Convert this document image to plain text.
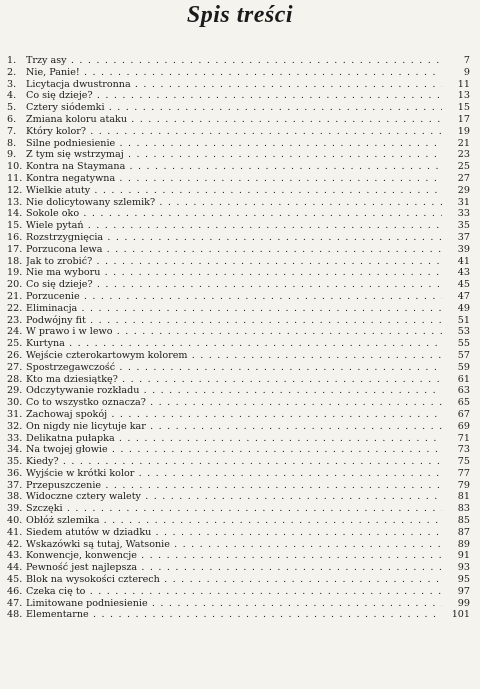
Spis treści
1.	Trzy asy . . .	7
2.	Nie, Panie! . . .	9
3.	Licytacja dwustronna . . .	11
4.	Co się dzieje? . . .	13
5.	Cztery siódemki . . .	15
6.	Zmiana koloru ataku . . .	17
7.	Który kolor? . . .	19
8.	Silne podniesienie . . .	21
9.	Z tym się wstrzymaj . . .	23
10. Kontra na Staymana . . .	25
11. Kontra negatywna . . .	27
12. Wielkie atuty . . .	29
13. Nie dolicytowany szlemik? . . .	31
14. Sokole oko . . .	33
15. Wiele pytań . . .	35
16. Rozstrzygnięcia . . .	37
17. Porzucona lewa . . .	39
18. Jak to zrobić? . . .	41
19. Nie ma wyboru . . .	43
20. Co się dzieje? . . .	45
21. Porzucenie . . .	47
22. Eliminacja . . .	49
23. Podwójny fit . . .	51
24. W prawo i w lewo . . .	53
25. Kurtyna . . .	55
26. Wejście czterokartowym kolorem . . .	57
27. Spostrzegawczość . . .	59
28. Kto ma dziesiątkę? . . .	61
29. Odczytywanie rozkładu . . .	63
30. Co to wszystko oznacza? . . .	65
31. Zachowaj spokój . . .	67
32. On nigdy nie licytuje kar . . .	69
33. Delikatna pułapka . . .	71
34. Na twojej głowie . . .	73
35. Kiedy? . . .	75
36. Wyjście w krótki kolor . . .	77
37. Przepuszczenie . . .	79
38. Widoczne cztery walety . . .	81
39. Szczęki . . .	83
40. Obłóż szlemika . . .	85
41. Siedem atutów w dziadku . . .	87
42. Wskazówki są tutaj, Watsonie . . .	89
43. Konwencje, konwencje . . .	91
44. Pewność jest najlepsza . . .	93
45. Blok na wysokości czterech . . .	95
46. Czeka cię to . . .	97
47. Limitowane podniesienie . . .	99
48. Elementarne . . .	101
